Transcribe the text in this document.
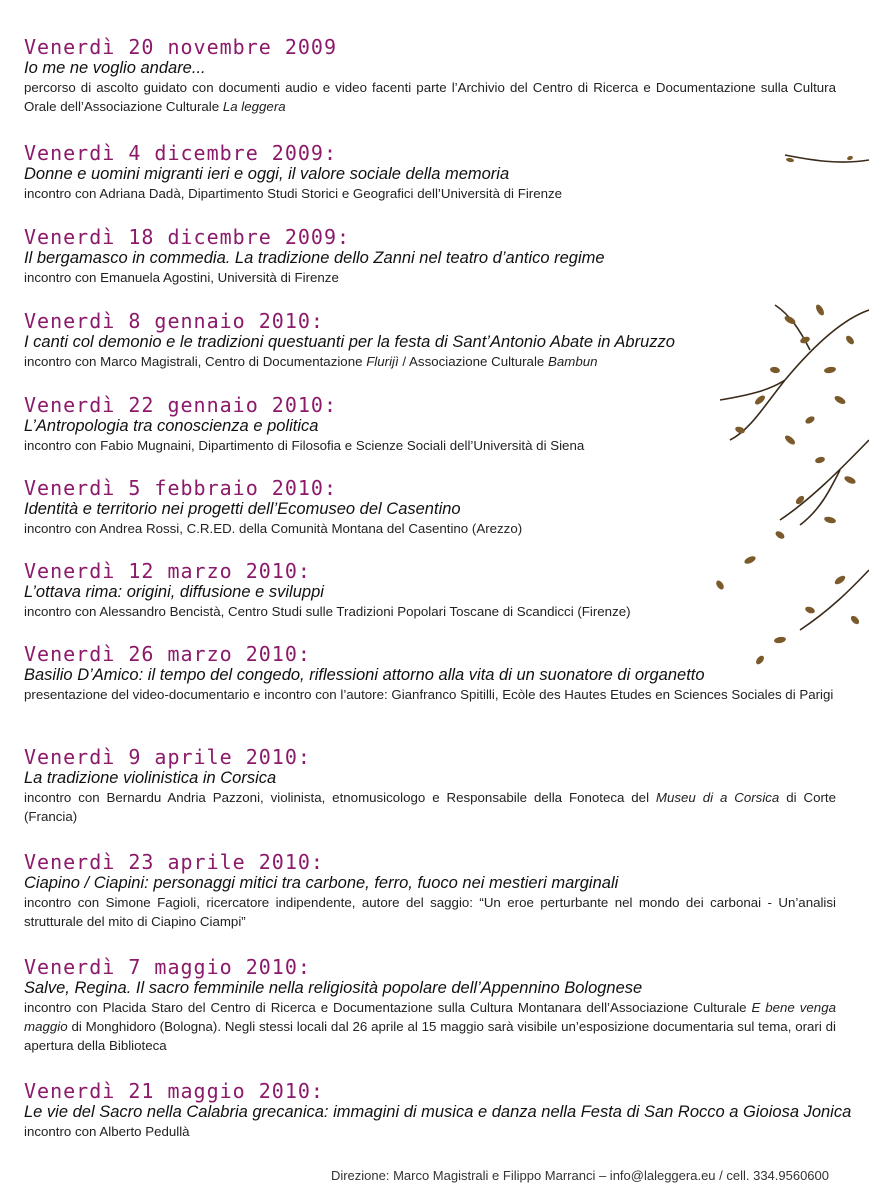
Venerdì 20 novembre 2009
Io me ne voglio andare...
percorso di ascolto guidato con documenti audio e video facenti parte l’Archivio del Centro di Ricerca e Documentazione sulla Cultura Orale dell’Associazione Culturale La leggera
Venerdì 4 dicembre 2009:
Donne e uomini migranti ieri e oggi, il valore sociale della memoria
incontro con Adriana Dadà, Dipartimento Studi Storici e Geografici dell’Università di Firenze
Venerdì 18 dicembre 2009:
Il bergamasco in commedia. La tradizione dello Zanni nel teatro d’antico regime
incontro con Emanuela Agostini, Università di Firenze
Venerdì 8 gennaio 2010:
I canti col demonio e le tradizioni questuanti per la festa di Sant’Antonio Abate in Abruzzo
incontro con Marco Magistrali, Centro di Documentazione Flurijì / Associazione Culturale Bambun
Venerdì 22 gennaio 2010:
L’Antropologia tra conoscienza e politica
incontro con Fabio Mugnaini, Dipartimento di Filosofia e Scienze Sociali dell’Università di Siena
Venerdì 5 febbraio 2010:
Identità e territorio nei progetti dell’Ecomuseo del Casentino
incontro con Andrea Rossi, C.R.ED. della Comunità Montana del Casentino (Arezzo)
Venerdì 12 marzo 2010:
L’ottava rima: origini, diffusione e sviluppi
incontro con Alessandro Bencistà, Centro Studi sulle Tradizioni Popolari Toscane di Scandicci (Firenze)
Venerdì 26 marzo 2010:
Basilio D’Amico: il tempo del congedo, riflessioni attorno alla vita di un suonatore di organetto
presentazione del video-documentario e incontro con l’autore: Gianfranco Spitilli, Ecòle des Hautes Etudes en Sciences Sociales di Parigi
Venerdì 9 aprile 2010:
La tradizione violinistica in Corsica
incontro con Bernardu Andria Pazzoni, violinista, etnomusicologo e Responsabile della Fonoteca del Museu di a Corsica di Corte (Francia)
Venerdì 23 aprile 2010:
Ciapino / Ciapini: personaggi mitici tra carbone, ferro, fuoco nei mestieri marginali
incontro con Simone Fagioli, ricercatore indipendente, autore del saggio: “Un eroe perturbante nel mondo dei carbonai - Un’analisi strutturale del mito di Ciapino Ciampi”
Venerdì 7 maggio 2010:
Salve, Regina. Il sacro femminile nella religiosità popolare dell’Appennino Bolognese
incontro con Placida Staro del Centro di Ricerca e Documentazione sulla Cultura Montanara dell’Associazione Culturale E bene venga maggio di Monghidoro (Bologna). Negli stessi locali dal 26 aprile al 15 maggio sarà visibile un’esposizione documentaria sul tema, orari di apertura della Biblioteca
Venerdì 21 maggio 2010:
Le vie del Sacro nella Calabria grecanica: immagini di musica e danza nella Festa di San Rocco a Gioiosa Jonica
incontro con Alberto Pedullà
Direzione: Marco Magistrali e Filippo Marranci – info@laleggera.eu / cell. 334.9560600
